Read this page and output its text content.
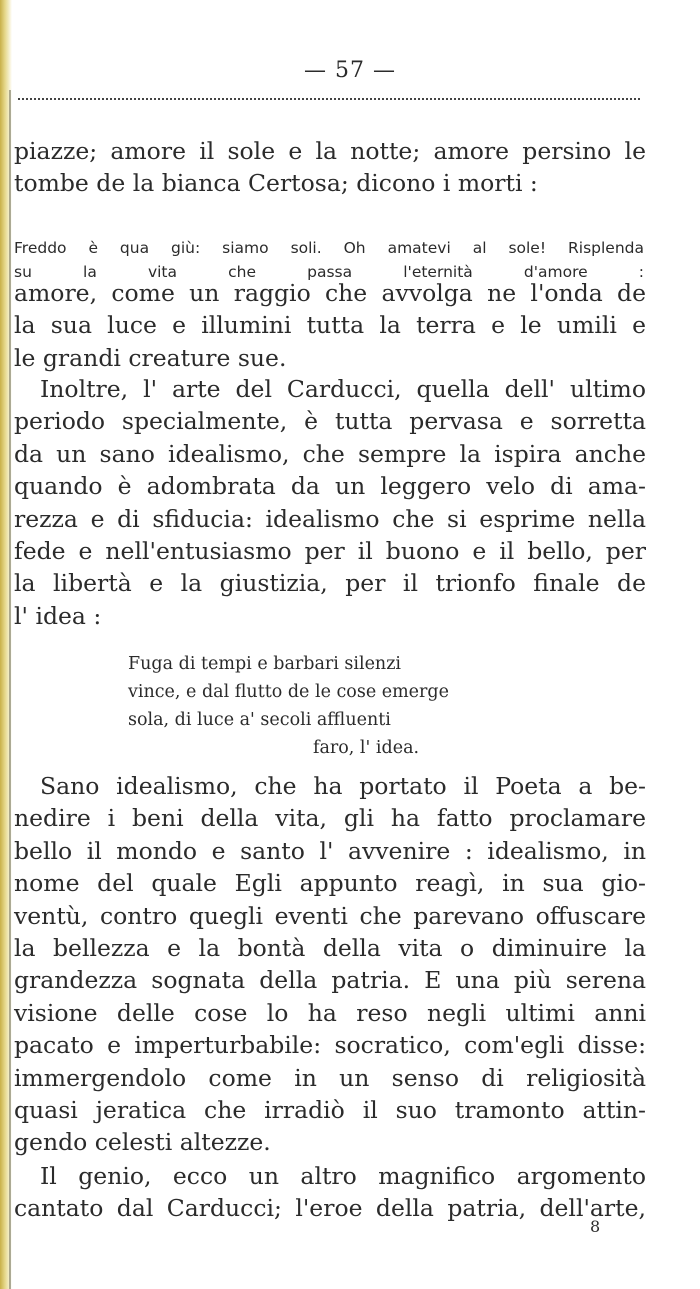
— 57 —
piazze; amore il sole e la notte; amore persino le
tombe de la bianca Certosa; dicono i morti :
Freddo è qua giù: siamo soli. Oh amatevi al sole! Risplenda
su la vita che passa l'eternità d'amore :
amore, come un raggio che avvolga ne l'onda de
la sua luce e illumini tutta la terra e le umili e
le grandi creature sue.
Inoltre, l' arte del Carducci, quella dell' ultimo
periodo specialmente, è tutta pervasa e sorretta
da un sano idealismo, che sempre la ispira anche
quando è adombrata da un leggero velo di ama-
rezza e di sfiducia: idealismo che si esprime nella
fede e nell'entusiasmo per il buono e il bello, per
la libertà e la giustizia, per il trionfo finale de
l' idea :
Fuga di tempi e barbari silenzi
vince, e dal flutto de le cose emerge
sola, di luce a' secoli affluenti
faro, l' idea.
Sano idealismo, che ha portato il Poeta a be-
nedire i beni della vita, gli ha fatto proclamare
bello il mondo e santo l' avvenire : idealismo, in
nome del quale Egli appunto reagì, in sua gio-
ventù, contro quegli eventi che parevano offuscare
la bellezza e la bontà della vita o diminuire la
grandezza sognata della patria. E una più serena
visione delle cose lo ha reso negli ultimi anni
pacato e imperturbabile: socratico, com'egli disse:
immergendolo come in un senso di religiosità
quasi jeratica che irradiò il suo tramonto attin-
gendo celesti altezze.
Il genio, ecco un altro magnifico argomento
cantato dal Carducci; l'eroe della patria, dell'arte,
8
